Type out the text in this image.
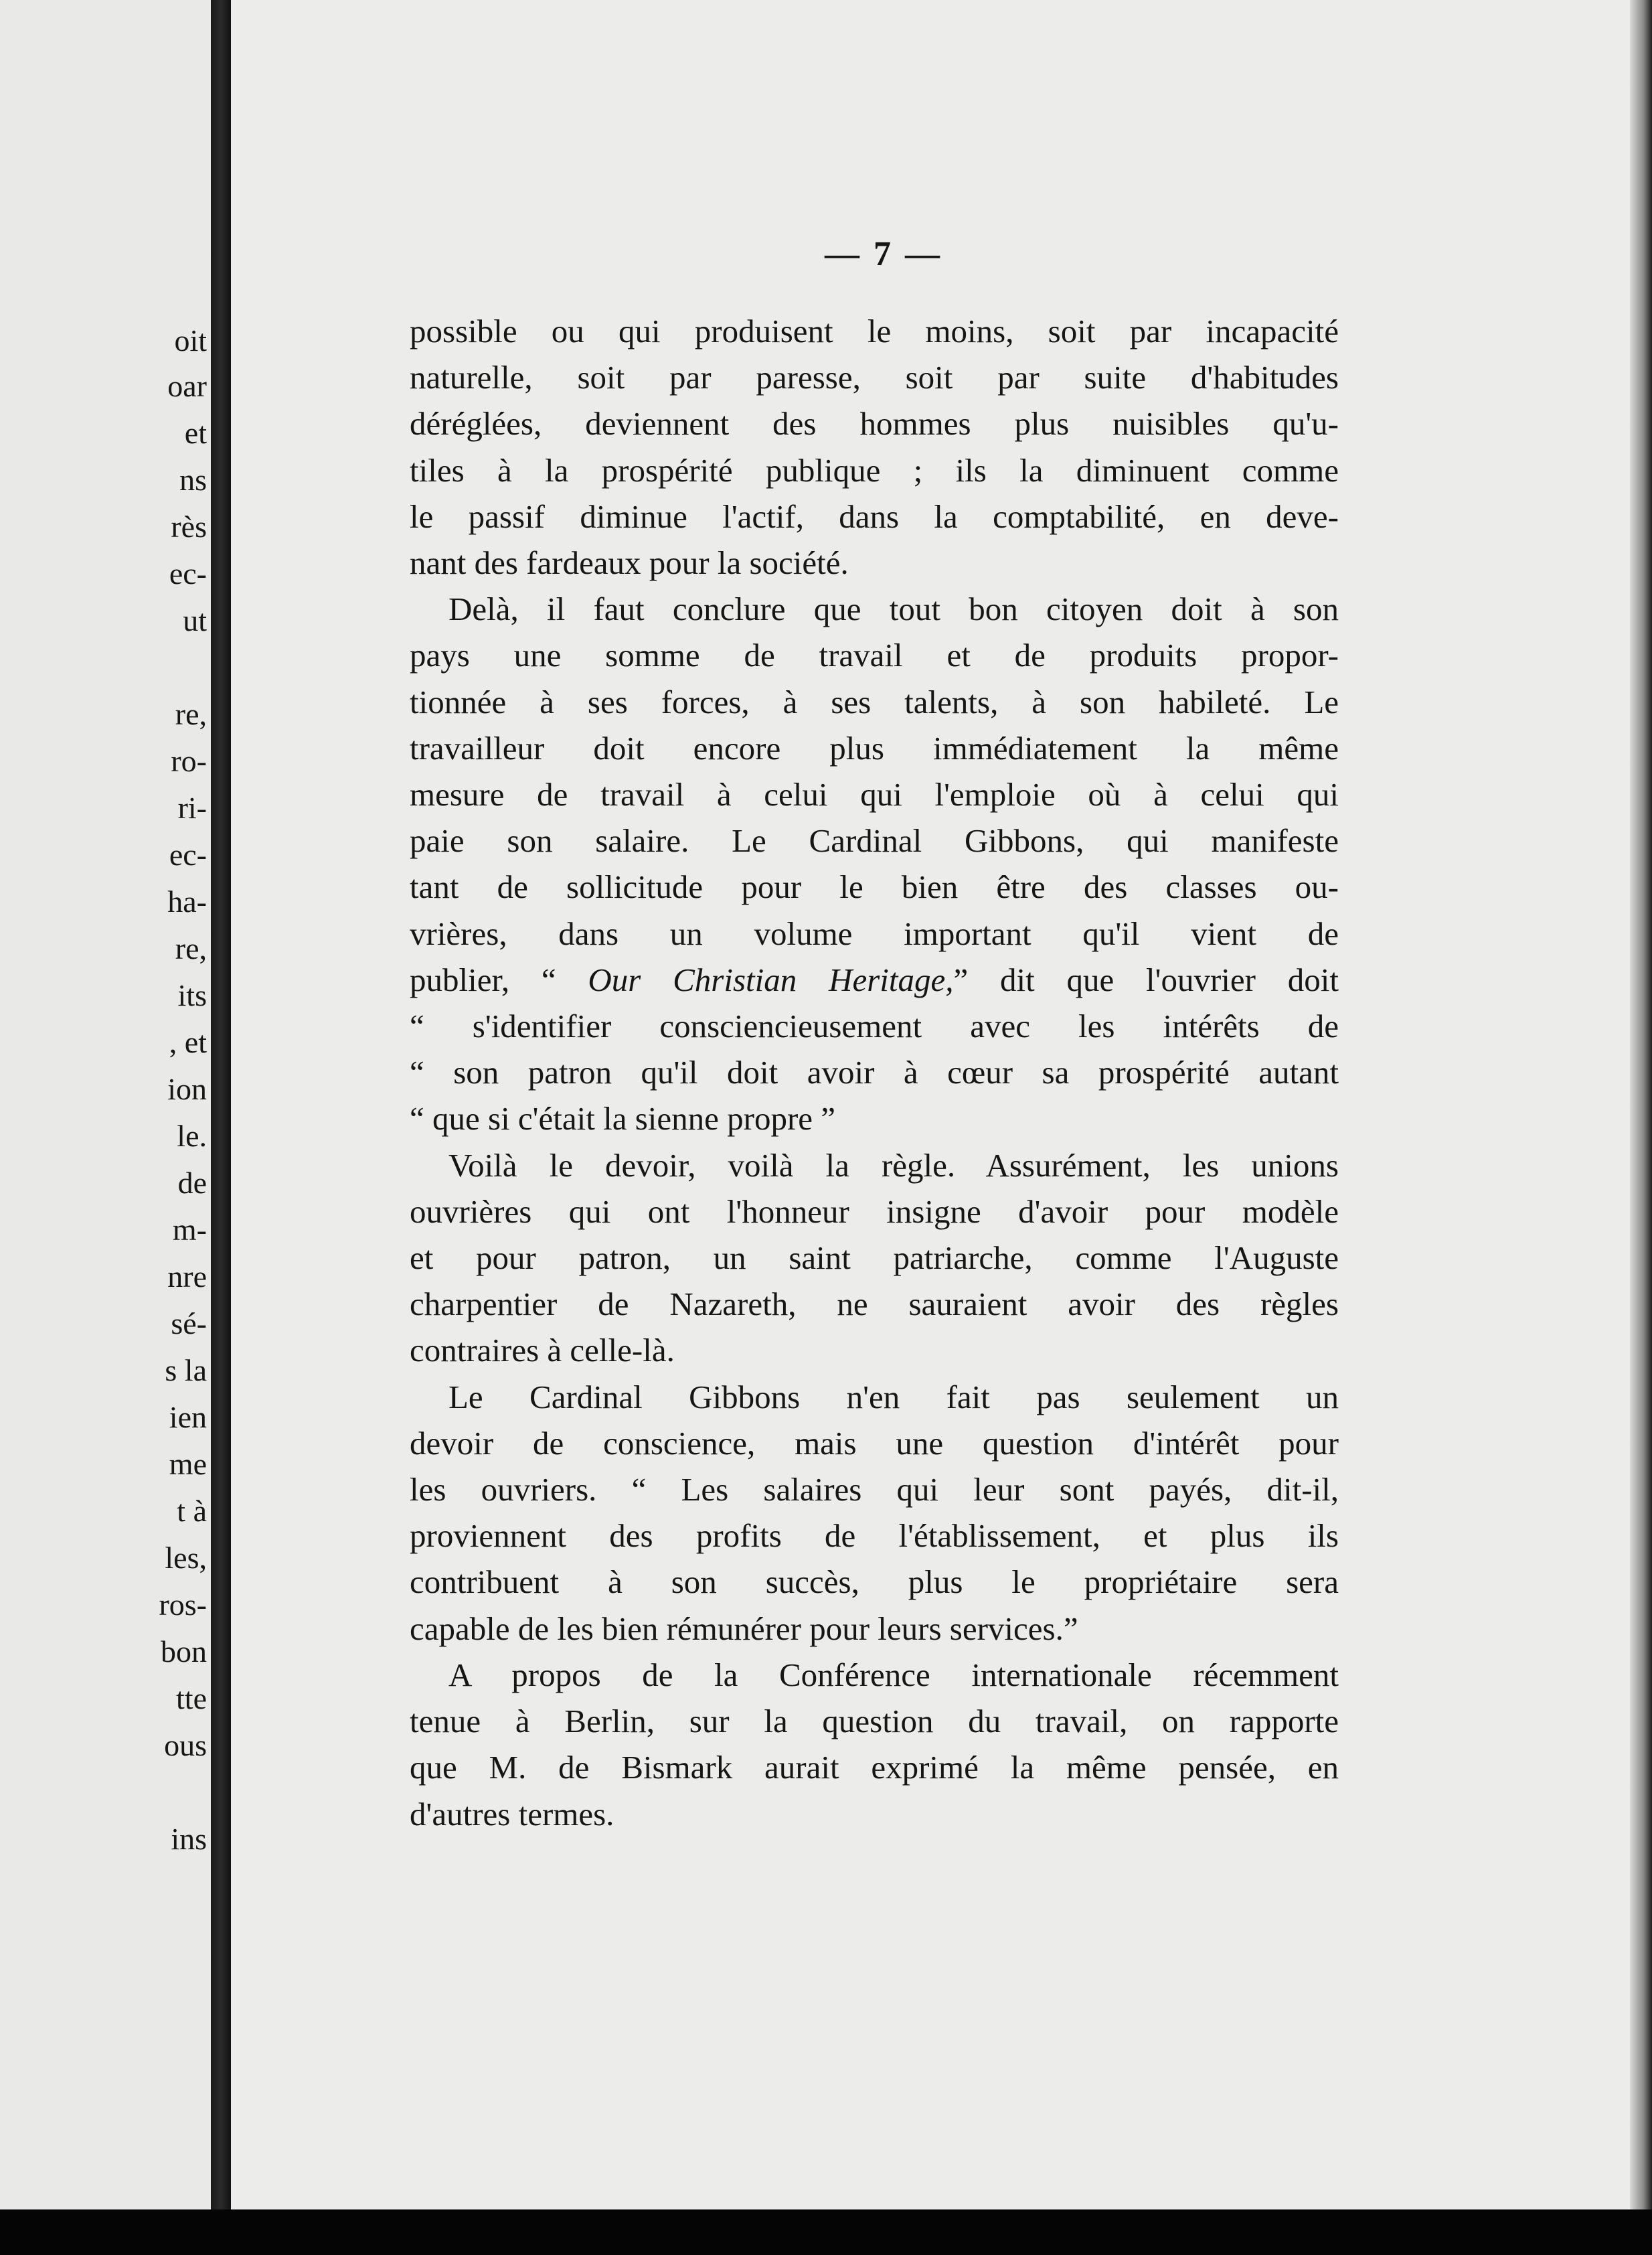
oit
oar
et
ns
rès
ec-
ut
re,
ro-
ri-
ec-
ha-
re,
its
, et
ion
le.
de
m-
nre
sé-
s la
ien
me
t à
les,
ros-
bon
tte
ous
ins
— 7 —

possible ou qui produisent le moins, soit par incapacité
naturelle, soit par paresse, soit par suite d'habitudes
déréglées, deviennent des hommes plus nuisibles qu'u-
tiles à la prospérité publique ; ils la diminuent comme
le passif diminue l'actif, dans la comptabilité, en deve-
nant des fardeaux pour la société.

Delà, il faut conclure que tout bon citoyen doit à son
pays une somme de travail et de produits propor-
tionnée à ses forces, à ses talents, à son habileté. Le
travailleur doit encore plus immédiatement la même
mesure de travail à celui qui l'emploie où à celui qui
paie son salaire. Le Cardinal Gibbons, qui manifeste
tant de sollicitude pour le bien être des classes ou-
vrières, dans un volume important qu'il vient de
publier, “ Our Christian Heritage,” dit que l'ouvrier doit
“ s'identifier consciencieusement avec les intérêts de
“ son patron qu'il doit avoir à cœur sa prospérité autant
“ que si c'était la sienne propre ”

Voilà le devoir, voilà la règle. Assurément, les unions
ouvrières qui ont l'honneur insigne d'avoir pour modèle
et pour patron, un saint patriarche, comme l'Auguste
charpentier de Nazareth, ne sauraient avoir des règles
contraires à celle-là.

Le Cardinal Gibbons n'en fait pas seulement un
devoir de conscience, mais une question d'intérêt pour
les ouvriers. “ Les salaires qui leur sont payés, dit-il,
proviennent des profits de l'établissement, et plus ils
contribuent à son succès, plus le propriétaire sera
capable de les bien rémunérer pour leurs services.”

A propos de la Conférence internationale récemment
tenue à Berlin, sur la question du travail, on rapporte
que M. de Bismark aurait exprimé la même pensée, en
d'autres termes.
